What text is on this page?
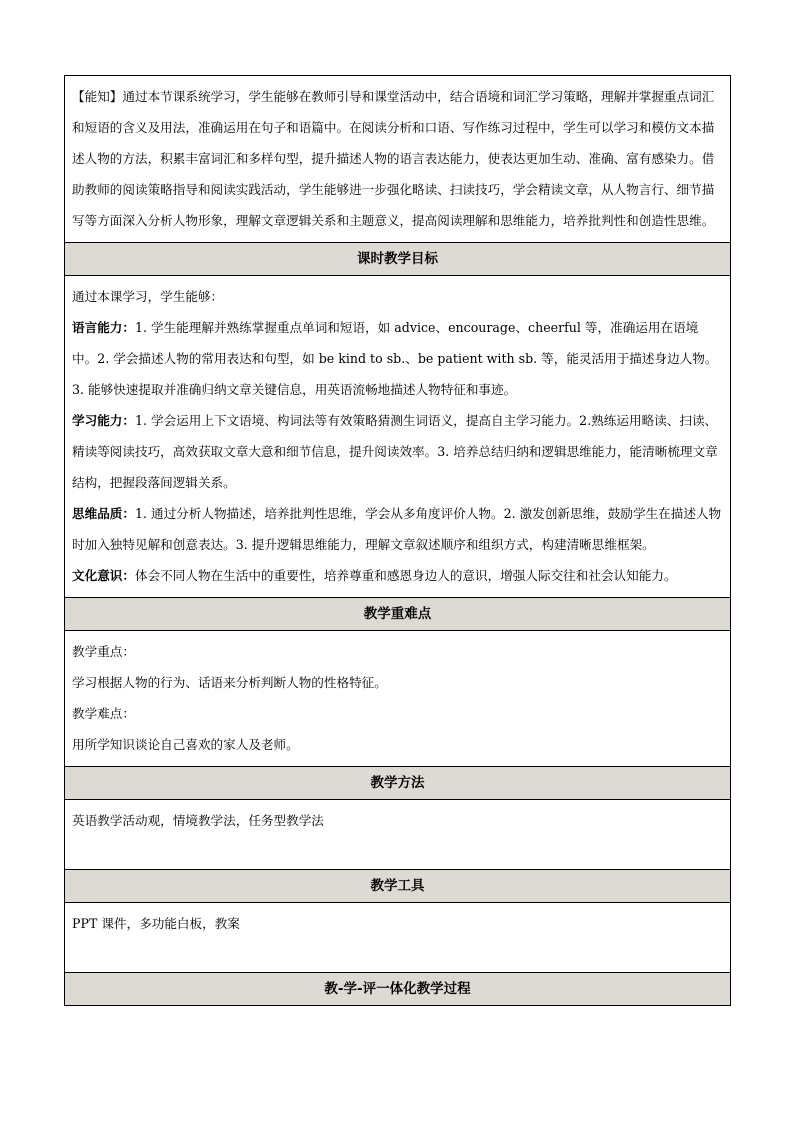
【能知】通过本节课系统学习，学生能够在教师引导和课堂活动中，结合语境和词汇学习策略，理解并掌握重点词汇和短语的含义及用法，准确运用在句子和语篇中。在阅读分析和口语、写作练习过程中，学生可以学习和模仿文本描述人物的方法，积累丰富词汇和多样句型，提升描述人物的语言表达能力，使表达更加生动、准确、富有感染力。借助教师的阅读策略指导和阅读实践活动，学生能够进一步强化略读、扫读技巧，学会精读文章，从人物言行、细节描写等方面深入分析人物形象，理解文章逻辑关系和主题意义，提高阅读理解和思维能力，培养批判性和创造性思维。

课时教学目标

通过本课学习，学生能够：

语言能力：1. 学生能理解并熟练掌握重点单词和短语，如 advice、encourage、cheerful 等，准确运用在语境中。2. 学会描述人物的常用表达和句型，如 be kind to sb.、be patient with sb. 等，能灵活用于描述身边人物。3. 能够快速提取并准确归纳文章关键信息，用英语流畅地描述人物特征和事迹。

学习能力：1. 学会运用上下文语境、构词法等有效策略猜测生词语义，提高自主学习能力。2.熟练运用略读、扫读、精读等阅读技巧，高效获取文章大意和细节信息，提升阅读效率。3. 培养总结归纳和逻辑思维能力，能清晰梳理文章结构，把握段落间逻辑关系。

思维品质：1. 通过分析人物描述，培养批判性思维，学会从多角度评价人物。2. 激发创新思维，鼓励学生在描述人物时加入独特见解和创意表达。3. 提升逻辑思维能力，理解文章叙述顺序和组织方式，构建清晰思维框架。

文化意识：体会不同人物在生活中的重要性，培养尊重和感恩身边人的意识，增强人际交往和社会认知能力。

教学重难点

教学重点：

学习根据人物的行为、话语来分析判断人物的性格特征。

教学难点：

用所学知识谈论自己喜欢的家人及老师。

教学方法

英语教学活动观，情境教学法，任务型教学法

教学工具

PPT 课件，多功能白板，教案

教-学-评一体化教学过程
